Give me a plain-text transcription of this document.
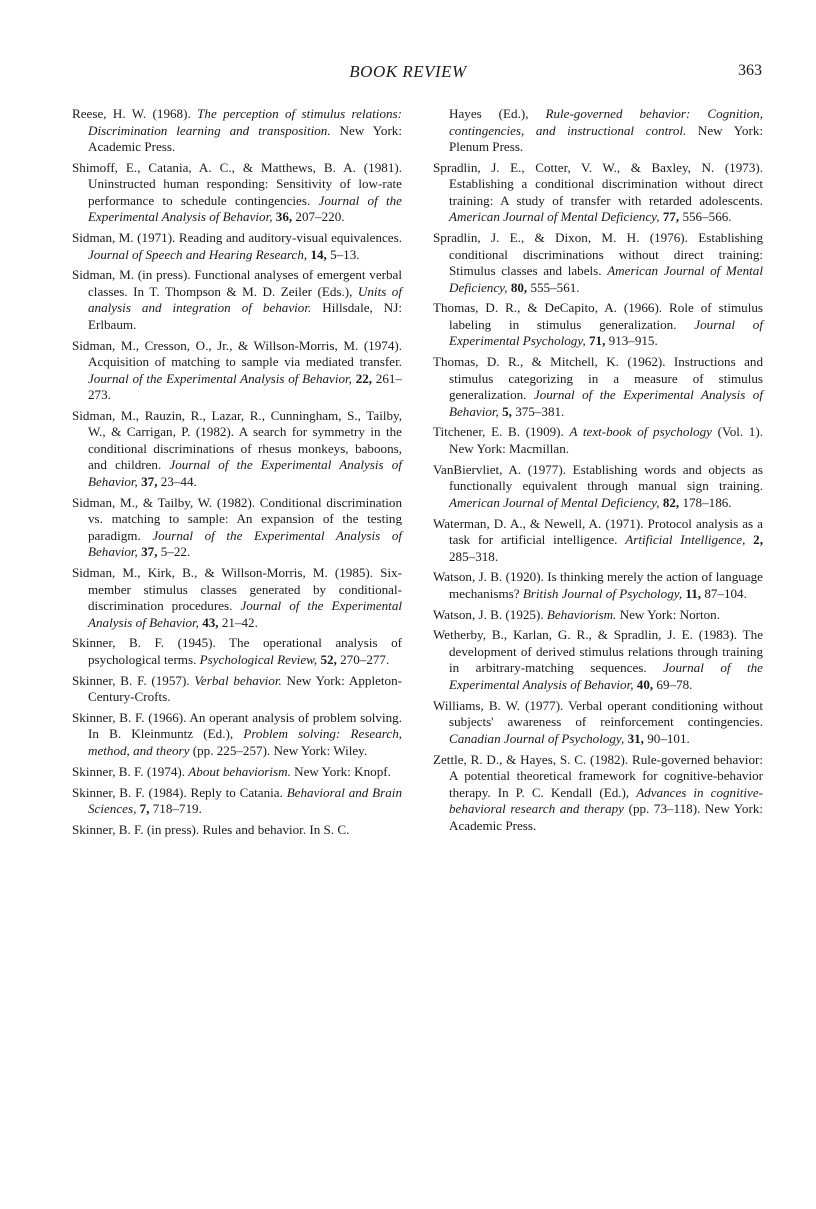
BOOK REVIEW	363

Reese, H. W. (1968). The perception of stimulus relations: Discrimination learning and transposition. New York: Academic Press.

Shimoff, E., Catania, A. C., & Matthews, B. A. (1981). Uninstructed human responding: Sensitivity of low-rate performance to schedule contingencies. Journal of the Experimental Analysis of Behavior, 36, 207–220.

Sidman, M. (1971). Reading and auditory-visual equivalences. Journal of Speech and Hearing Research, 14, 5–13.

Sidman, M. (in press). Functional analyses of emergent verbal classes. In T. Thompson & M. D. Zeiler (Eds.), Units of analysis and integration of behavior. Hillsdale, NJ: Erlbaum.

Sidman, M., Cresson, O., Jr., & Willson-Morris, M. (1974). Acquisition of matching to sample via mediated transfer. Journal of the Experimental Analysis of Behavior, 22, 261–273.

Sidman, M., Rauzin, R., Lazar, R., Cunningham, S., Tailby, W., & Carrigan, P. (1982). A search for symmetry in the conditional discriminations of rhesus monkeys, baboons, and children. Journal of the Experimental Analysis of Behavior, 37, 23–44.

Sidman, M., & Tailby, W. (1982). Conditional discrimination vs. matching to sample: An expansion of the testing paradigm. Journal of the Experimental Analysis of Behavior, 37, 5–22.

Sidman, M., Kirk, B., & Willson-Morris, M. (1985). Six-member stimulus classes generated by conditional-discrimination procedures. Journal of the Experimental Analysis of Behavior, 43, 21–42.

Skinner, B. F. (1945). The operational analysis of psychological terms. Psychological Review, 52, 270–277.

Skinner, B. F. (1957). Verbal behavior. New York: Appleton-Century-Crofts.

Skinner, B. F. (1966). An operant analysis of problem solving. In B. Kleinmuntz (Ed.), Problem solving: Research, method, and theory (pp. 225–257). New York: Wiley.

Skinner, B. F. (1974). About behaviorism. New York: Knopf.

Skinner, B. F. (1984). Reply to Catania. Behavioral and Brain Sciences, 7, 718–719.

Skinner, B. F. (in press). Rules and behavior. In S. C.

Hayes (Ed.), Rule-governed behavior: Cognition, contingencies, and instructional control. New York: Plenum Press.

Spradlin, J. E., Cotter, V. W., & Baxley, N. (1973). Establishing a conditional discrimination without direct training: A study of transfer with retarded adolescents. American Journal of Mental Deficiency, 77, 556–566.

Spradlin, J. E., & Dixon, M. H. (1976). Establishing conditional discriminations without direct training: Stimulus classes and labels. American Journal of Mental Deficiency, 80, 555–561.

Thomas, D. R., & DeCapito, A. (1966). Role of stimulus labeling in stimulus generalization. Journal of Experimental Psychology, 71, 913–915.

Thomas, D. R., & Mitchell, K. (1962). Instructions and stimulus categorizing in a measure of stimulus generalization. Journal of the Experimental Analysis of Behavior, 5, 375–381.

Titchener, E. B. (1909). A text-book of psychology (Vol. 1). New York: Macmillan.

VanBiervliet, A. (1977). Establishing words and objects as functionally equivalent through manual sign training. American Journal of Mental Deficiency, 82, 178–186.

Waterman, D. A., & Newell, A. (1971). Protocol analysis as a task for artificial intelligence. Artificial Intelligence, 2, 285–318.

Watson, J. B. (1920). Is thinking merely the action of language mechanisms? British Journal of Psychology, 11, 87–104.

Watson, J. B. (1925). Behaviorism. New York: Norton.

Wetherby, B., Karlan, G. R., & Spradlin, J. E. (1983). The development of derived stimulus relations through training in arbitrary-matching sequences. Journal of the Experimental Analysis of Behavior, 40, 69–78.

Williams, B. W. (1977). Verbal operant conditioning without subjects' awareness of reinforcement contingencies. Canadian Journal of Psychology, 31, 90–101.

Zettle, R. D., & Hayes, S. C. (1982). Rule-governed behavior: A potential theoretical framework for cognitive-behavior therapy. In P. C. Kendall (Ed.), Advances in cognitive-behavioral research and therapy (pp. 73–118). New York: Academic Press.
